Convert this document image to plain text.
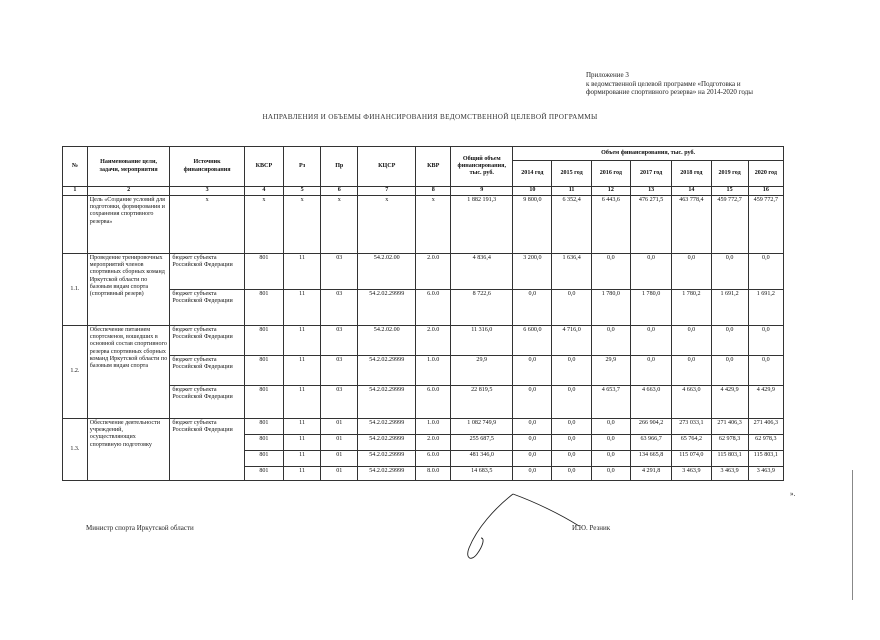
Приложение 3
к ведомственной целевой программе «Подготовка и
формирование спортивного резерва» на 2014-2020 годы
НАПРАВЛЕНИЯ И ОБЪЕМЫ ФИНАНСИРОВАНИЯ ВЕДОМСТВЕННОЙ ЦЕЛЕВОЙ ПРОГРАММЫ
№	Наименование цели, задачи, мероприятия	Источник финансирования	КВСР	Рз	Пр	КЦСР	КВР	Общий объем финансирования, тыс. руб.	Объем финансирования, тыс. руб.						
									2014 год	2015 год	2016 год	2017 год	2018 год	2019 год	2020 год
1	2	3	4	5	6	7	8	9	10	11	12	13	14	15	16
	Цель «Создание условий для подготовки, формирования и сохранения спортивного резерва»	х	х	х	х	х	х	1 882 191,3	9 800,0	6 352,4	6 443,6	476 271,5	463 778,4	459 772,7	459 772,7
1.1.	Проведение тренировочных мероприятий членов спортивных сборных команд Иркутской области по базовым видам спорта (спортивный резерв)	бюджет субъекта Российской Федерации	801	11	03	54.2.02.00	2.0.0	4 836,4	3 200,0	1 636,4	0,0	0,0	0,0	0,0	0,0
		бюджет субъекта Российской Федерации	801	11	03	54.2.02.29999	6.0.0	8 722,6	0,0	0,0	1 780,0	1 780,0	1 780,2	1 691,2	1 691,2
1.2.	Обеспечение питанием спортсменов, вошедших в основной состав спортивного резерва спортивных сборных команд Иркутской области по базовым видам спорта	бюджет субъекта Российской Федерации	801	11	03	54.2.02.00	2.0.0	11 316,0	6 600,0	4 716,0	0,0	0,0	0,0	0,0	0,0
		бюджет субъекта Российской Федерации	801	11	03	54.2.02.29999	1.0.0	29,9	0,0	0,0	29,9	0,0	0,0	0,0	0,0
		бюджет субъекта Российской Федерации	801	11	03	54.2.02.29999	6.0.0	22 819,5	0,0	0,0	4 653,7	4 663,0	4 663,0	4 429,9	4 429,9
1.3.	Обеспечение деятельности учреждений, осуществляющих спортивную подготовку	бюджет субъекта Российской Федерации	801	11	01	54.2.02.29999	1.0.0	1 082 749,9	0,0	0,0	0,0	266 904,2	273 033,1	271 406,3	271 406,3
			801	11	01	54.2.02.29999	2.0.0	255 687,5	0,0	0,0	0,0	63 966,7	65 764,2	62 978,3	62 978,3
			801	11	01	54.2.02.29999	6.0.0	481 346,0	0,0	0,0	0,0	134 665,8	115 074,0	115 803,1	115 803,1
			801	11	01	54.2.02.29999	8.0.0	14 683,5	0,0	0,0	0,0	4 291,8	3 463,9	3 463,9	3 463,9
Министр спорта Иркутской области	И.Ю. Резник
».
